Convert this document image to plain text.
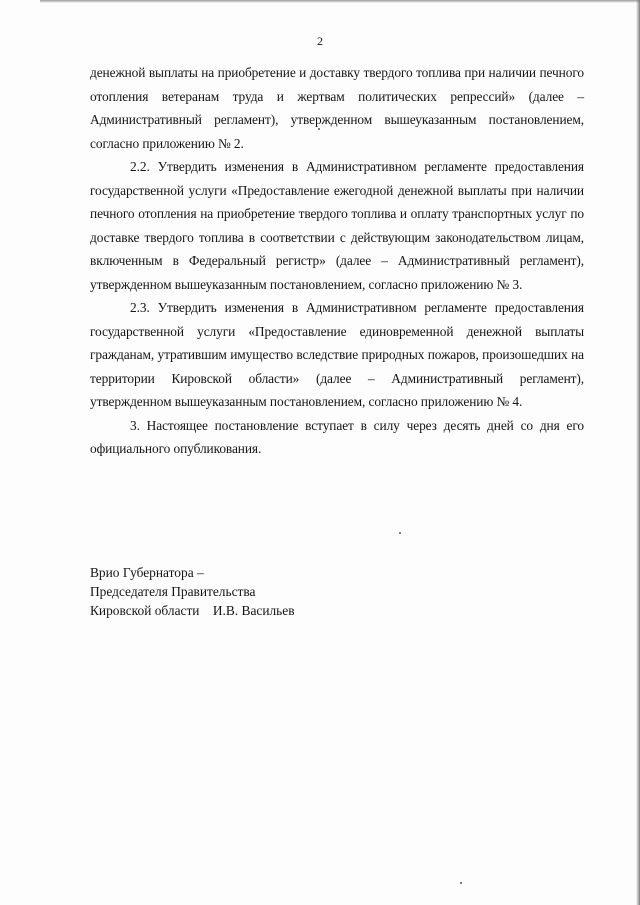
2

денежной выплаты на приобретение и доставку твердого топлива при наличии печного отопления ветеранам труда и жертвам политических репрессий» (далее – Административный регламент), утвержденном вышеуказанным постановлением, согласно приложению № 2.

2.2. Утвердить изменения в Административном регламенте предоставления государственной услуги «Предоставление ежегодной денежной выплаты при наличии печного отопления на приобретение твердого топлива и оплату транспортных услуг по доставке твердого топлива в соответствии с действующим законодательством лицам, включенным в Федеральный регистр» (далее – Административный регламент), утвержденном вышеуказанным постановлением, согласно приложению № 3.

2.3. Утвердить изменения в Административном регламенте предоставления государственной услуги «Предоставление единовременной денежной выплаты гражданам, утратившим имущество вследствие природных пожаров, произошедших на территории Кировской области» (далее – Административный регламент), утвержденном вышеуказанным постановлением, согласно приложению № 4.

3. Настоящее постановление вступает в силу через десять дней со дня его официального опубликования.

Врио Губернатора –
Председателя Правительства
Кировской области    И.В. Васильев
